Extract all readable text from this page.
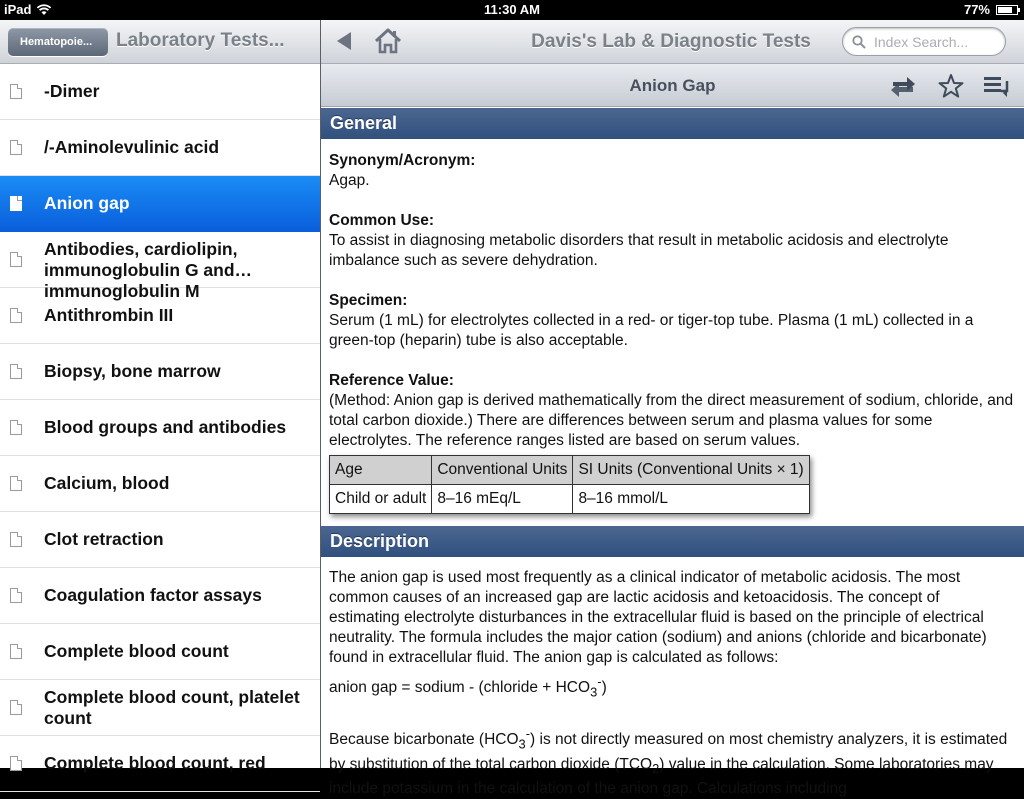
iPad	11:30 AM	77%
Hematopoie...	Laboratory Tests...
-Dimer
/-Aminolevulinic acid
Anion gap
Antibodies, cardiolipin, immunoglobulin G and immunoglobulin M
Antithrombin III
Biopsy, bone marrow
Blood groups and antibodies
Calcium, blood
Clot retraction
Coagulation factor assays
Complete blood count
Complete blood count, platelet count
Complete blood count, red
Davis's Lab & Diagnostic Tests
Index Search...
Anion Gap
General
Synonym/Acronym:
Agap.
Common Use:
To assist in diagnosing metabolic disorders that result in metabolic acidosis and electrolyte imbalance such as severe dehydration.
Specimen:
Serum (1 mL) for electrolytes collected in a red- or tiger-top tube. Plasma (1 mL) collected in a green-top (heparin) tube is also acceptable.
Reference Value:
(Method: Anion gap is derived mathematically from the direct measurement of sodium, chloride, and total carbon dioxide.) There are differences between serum and plasma values for some electrolytes. The reference ranges listed are based on serum values.
Age	Conventional Units	SI Units (Conventional Units × 1)
Child or adult	8–16 mEq/L	8–16 mmol/L
Description

The anion gap is used most frequently as a clinical indicator of metabolic acidosis. The most common causes of an increased gap are lactic acidosis and ketoacidosis. The concept of estimating electrolyte disturbances in the extracellular fluid is based on the principle of electrical neutrality. The formula includes the major cation (sodium) and anions (chloride and bicarbonate) found in extracellular fluid. The anion gap is calculated as follows:

anion gap = sodium - (chloride + $HCO_3^-$)

Because bicarbonate $(HCO_3^-)$ is not directly measured on most chemistry analyzers, it is estimated by substitution of the total carbon dioxide $(TCO_2)$ value in the calculation. Some laboratories may include potassium in the calculation of the anion gap. Calculations including
